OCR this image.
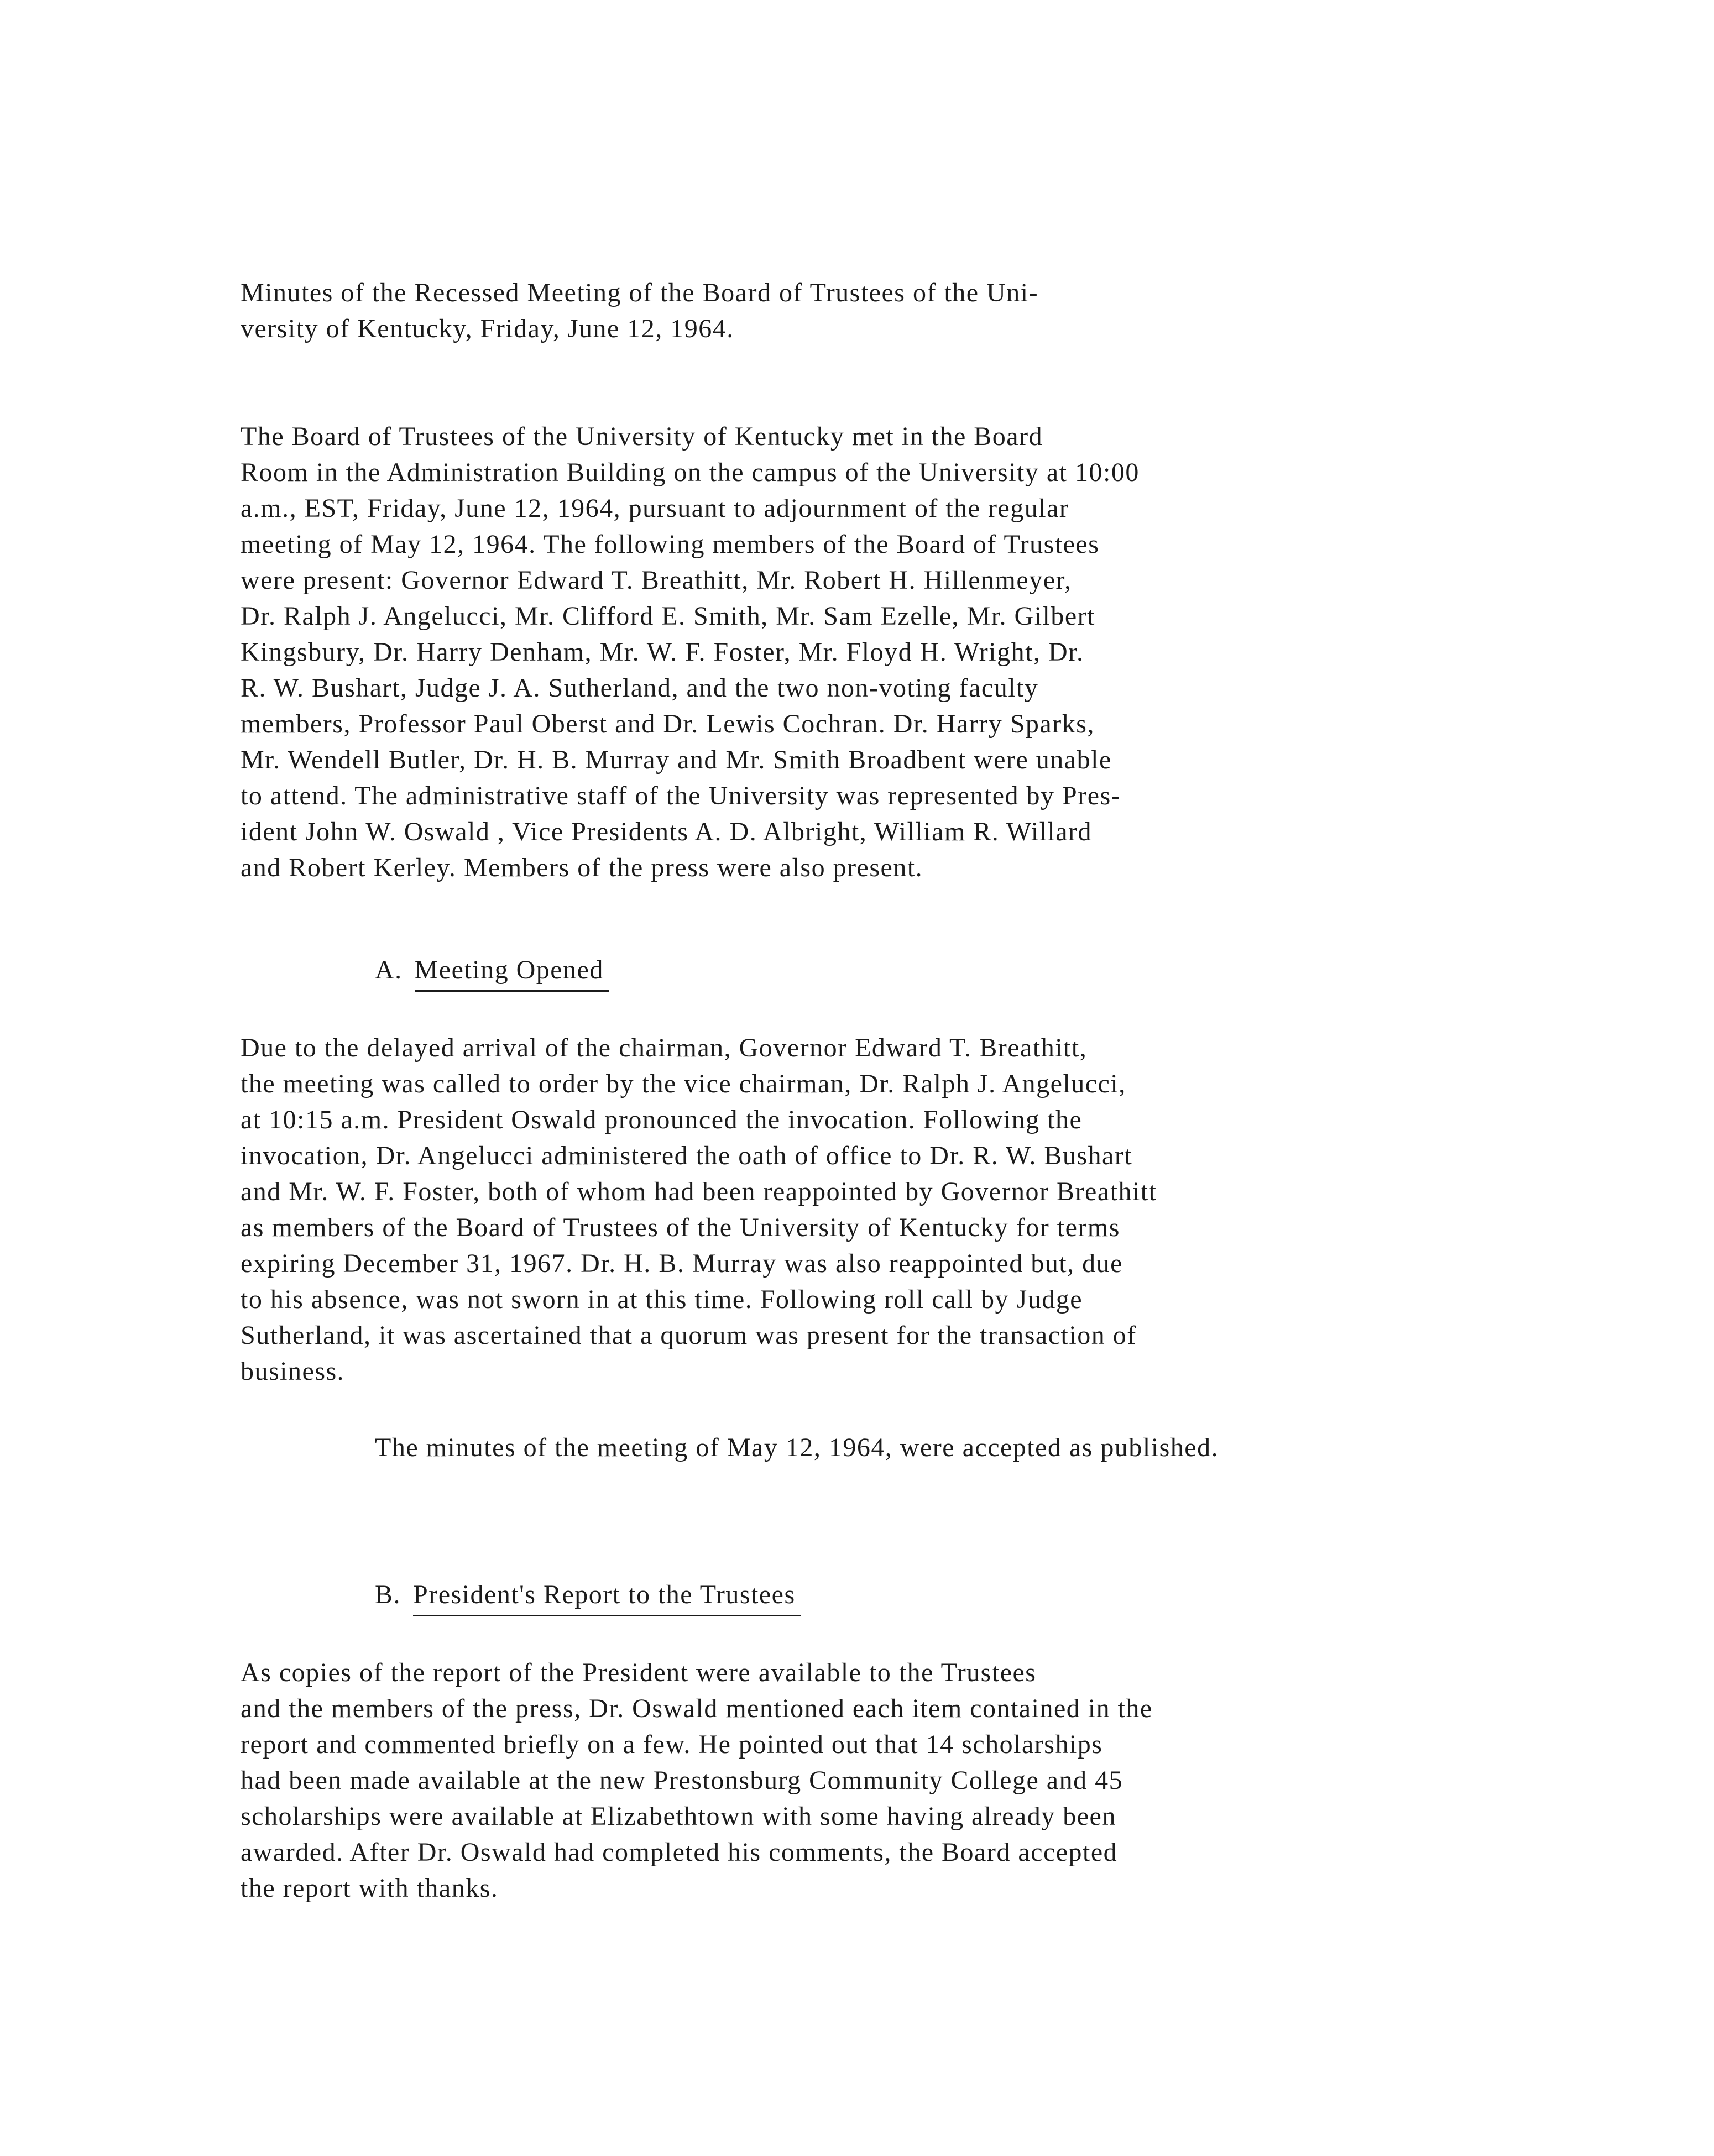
Minutes of the Recessed Meeting of the Board of Trustees of the Uni-
versity of Kentucky, Friday, June 12, 1964.
The Board of Trustees of the University of Kentucky met in the Board
Room in the Administration Building on the campus of the University at 10:00
a.m., EST, Friday, June 12, 1964, pursuant to adjournment of the regular
meeting of May 12, 1964. The following members of the Board of Trustees
were present: Governor Edward T. Breathitt, Mr. Robert H. Hillenmeyer,
Dr. Ralph J. Angelucci, Mr. Clifford E. Smith, Mr. Sam Ezelle, Mr. Gilbert
Kingsbury, Dr. Harry Denham, Mr. W. F. Foster, Mr. Floyd H. Wright, Dr.
R. W. Bushart, Judge J. A. Sutherland, and the two non-voting faculty
members, Professor Paul Oberst and Dr. Lewis Cochran. Dr. Harry Sparks,
Mr. Wendell Butler, Dr. H. B. Murray and Mr. Smith Broadbent were unable
to attend. The administrative staff of the University was represented by Pres-
ident John W. Oswald , Vice Presidents A. D. Albright, William R. Willard
and Robert Kerley. Members of the press were also present.
A. Meeting Opened
Due to the delayed arrival of the chairman, Governor Edward T. Breathitt,
the meeting was called to order by the vice chairman, Dr. Ralph J. Angelucci,
at 10:15 a.m. President Oswald pronounced the invocation. Following the
invocation, Dr. Angelucci administered the oath of office to Dr. R. W. Bushart
and Mr. W. F. Foster, both of whom had been reappointed by Governor Breathitt
as members of the Board of Trustees of the University of Kentucky for terms
expiring December 31, 1967. Dr. H. B. Murray was also reappointed but, due
to his absence, was not sworn in at this time. Following roll call by Judge
Sutherland, it was ascertained that a quorum was present for the transaction of
business.
The minutes of the meeting of May 12, 1964, were accepted as published.
B. President's Report to the Trustees
As copies of the report of the President were available to the Trustees
and the members of the press, Dr. Oswald mentioned each item contained in the
report and commented briefly on a few. He pointed out that 14 scholarships
had been made available at the new Prestonsburg Community College and 45
scholarships were available at Elizabethtown with some having already been
awarded. After Dr. Oswald had completed his comments, the Board accepted
the report with thanks.
